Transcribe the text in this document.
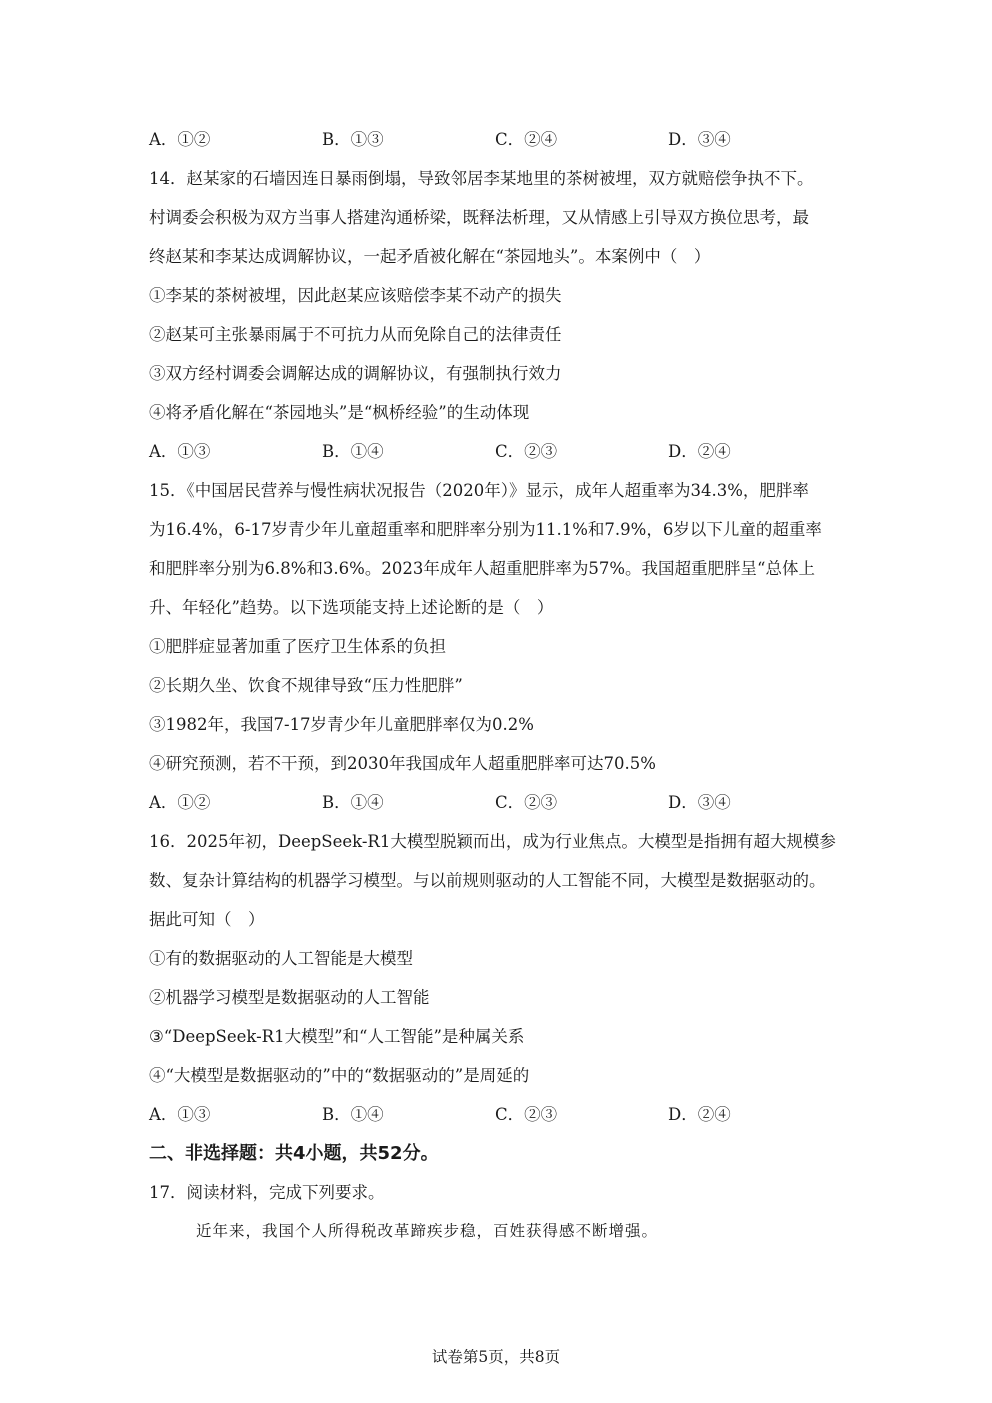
A．①②	B．①③	C．②④	D．③④
14．赵某家的石墙因连日暴雨倒塌，导致邻居李某地里的茶树被埋，双方就赔偿争执不下。
村调委会积极为双方当事人搭建沟通桥梁，既释法析理，又从情感上引导双方换位思考，最
终赵某和李某达成调解协议，一起矛盾被化解在“茶园地头”。本案例中（　）
①李某的茶树被埋，因此赵某应该赔偿李某不动产的损失
②赵某可主张暴雨属于不可抗力从而免除自己的法律责任
③双方经村调委会调解达成的调解协议，有强制执行效力
④将矛盾化解在“茶园地头”是“枫桥经验”的生动体现
A．①③	B．①④	C．②③	D．②④
15．《中国居民营养与慢性病状况报告（2020年）》显示，成年人超重率为34.3%，肥胖率
为16.4%，6-17岁青少年儿童超重率和肥胖率分别为11.1%和7.9%，6岁以下儿童的超重率
和肥胖率分别为6.8%和3.6%。2023年成年人超重肥胖率为57%。我国超重肥胖呈“总体上
升、年轻化”趋势。以下选项能支持上述论断的是（　）
①肥胖症显著加重了医疗卫生体系的负担
②长期久坐、饮食不规律导致“压力性肥胖”
③1982年，我国7-17岁青少年儿童肥胖率仅为0.2%
④研究预测，若不干预，到2030年我国成年人超重肥胖率可达70.5%
A．①②	B．①④	C．②③	D．③④
16．2025年初，DeepSeek-R1大模型脱颖而出，成为行业焦点。大模型是指拥有超大规模参
数、复杂计算结构的机器学习模型。与以前规则驱动的人工智能不同，大模型是数据驱动的。
据此可知（　）
①有的数据驱动的人工智能是大模型
②机器学习模型是数据驱动的人工智能
③“DeepSeek-R1大模型”和“人工智能”是种属关系
④“大模型是数据驱动的”中的“数据驱动的”是周延的
A．①③	B．①④	C．②③	D．②④
二、非选择题：共4小题，共52分。
17．阅读材料，完成下列要求。
近年来，我国个人所得税改革蹄疾步稳，百姓获得感不断增强。
试卷第5页，共8页
